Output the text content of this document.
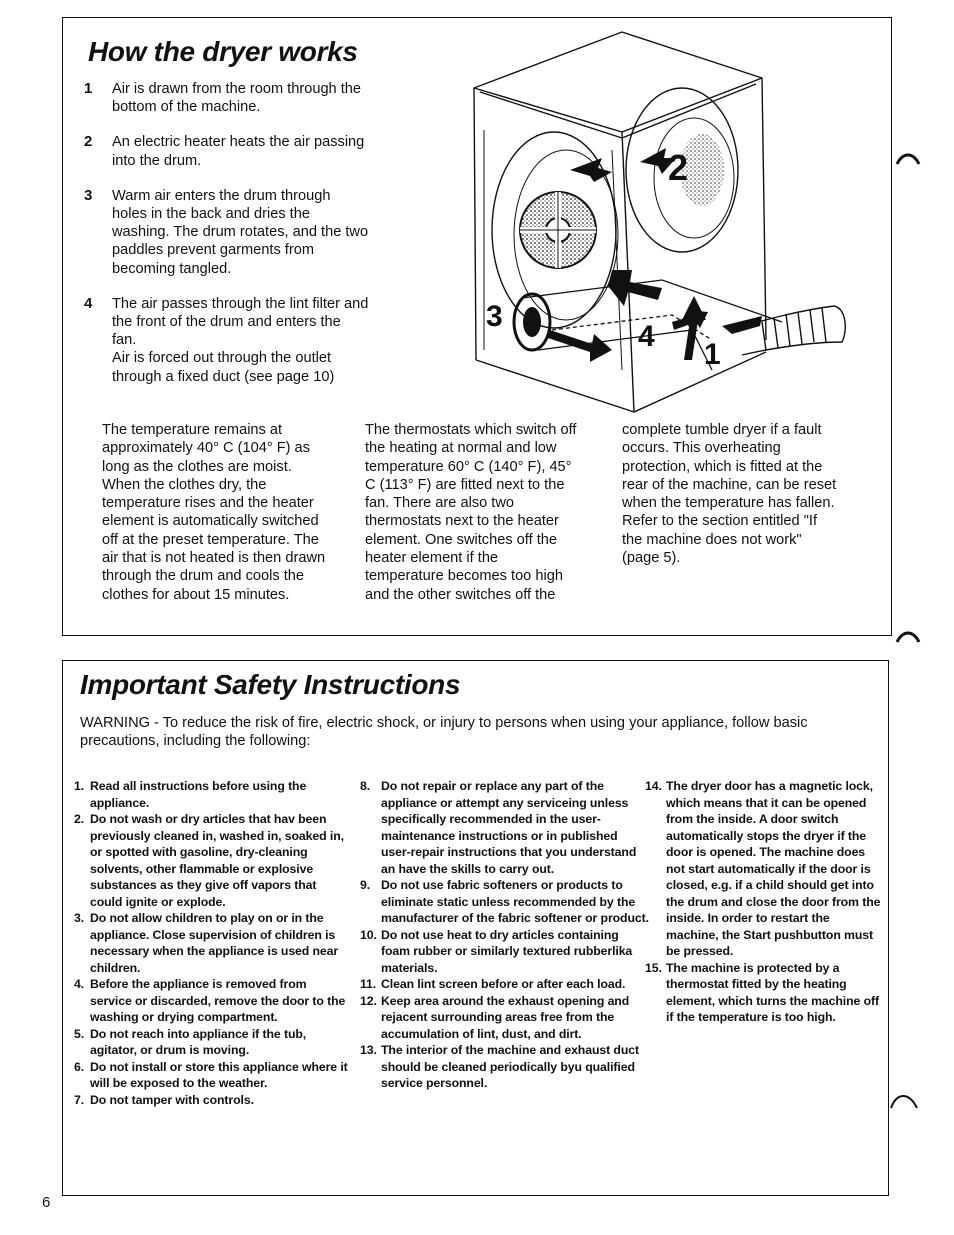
How the dryer works
1 Air is drawn from the room through the bottom of the machine.

2 An electric heater heats the air passing into the drum.

3 Warm air enters the drum through holes in the back and dries the washing. The drum rotates, and the two paddles prevent garments from becoming tangled.

4 The air passes through the lint filter and the front of the drum and enters the fan.

Air is forced out through the outlet through a fixed duct (see page 10)

2
3
4
1

The temperature remains at approximately 40° C (104° F) as long as the clothes are moist. When the clothes dry, the temperature rises and the heater element is automatically switched off at the preset temperature. The air that is not heated is then drawn through the drum and cools the clothes for about 15 minutes.

The thermostats which switch off the heating at normal and low temperature 60° C (140° F), 45° C (113° F) are fitted next to the fan. There are also two thermostats next to the heater element. One switches off the heater element if the temperature becomes too high and the other switches off the

complete tumble dryer if a fault occurs. This overheating protection, which is fitted at the rear of the machine, can be reset when the temperature has fallen. Refer to the section entitled "If the machine does not work" (page 5).

Important Safety Instructions

WARNING - To reduce the risk of fire, electric shock, or injury to persons when using your appliance, follow basic precautions, including the following:

1. Read all instructions before using the appliance.
2. Do not wash or dry articles that hav been previously cleaned in, washed in, soaked in, or spotted with gasoline, dry-cleaning solvents, other flammable or explosive substances as they give off vapors that could ignite or explode.
3. Do not allow children to play on or in the appliance. Close supervision of children is necessary when the appliance is used near children.
4. Before the appliance is removed from service or discarded, remove the door to the washing or drying compartment.
5. Do not reach into appliance if the tub, agitator, or drum is moving.
6. Do not install or store this appliance where it will be exposed to the weather.
7. Do not tamper with controls.
8. Do not repair or replace any part of the appliance or attempt any serviceing unless specifically recommended in the user-maintenance instructions or in published user-repair instructions that you understand an have the skills to carry out.
9. Do not use fabric softeners or products to eliminate static unless recommended by the manufacturer of the fabric softener or product.
10. Do not use heat to dry articles containing foam rubber or similarly textured rubberlika materials.
11. Clean lint screen before or after each load.
12. Keep area around the exhaust opening and rejacent surrounding areas free from the accumulation of lint, dust, and dirt.
13. The interior of the machine and exhaust duct should be cleaned periodically byu qualified service personnel.
14. The dryer door has a magnetic lock, which means that it can be opened from the inside. A door switch automatically stops the dryer if the door is opened. The machine does not start automatically if the door is closed, e.g. if a child should get into the drum and close the door from the inside. In order to restart the machine, the Start pushbutton must be pressed.
15. The machine is protected by a thermostat fitted by the heating element, which turns the machine off if the temperature is too high.
6
